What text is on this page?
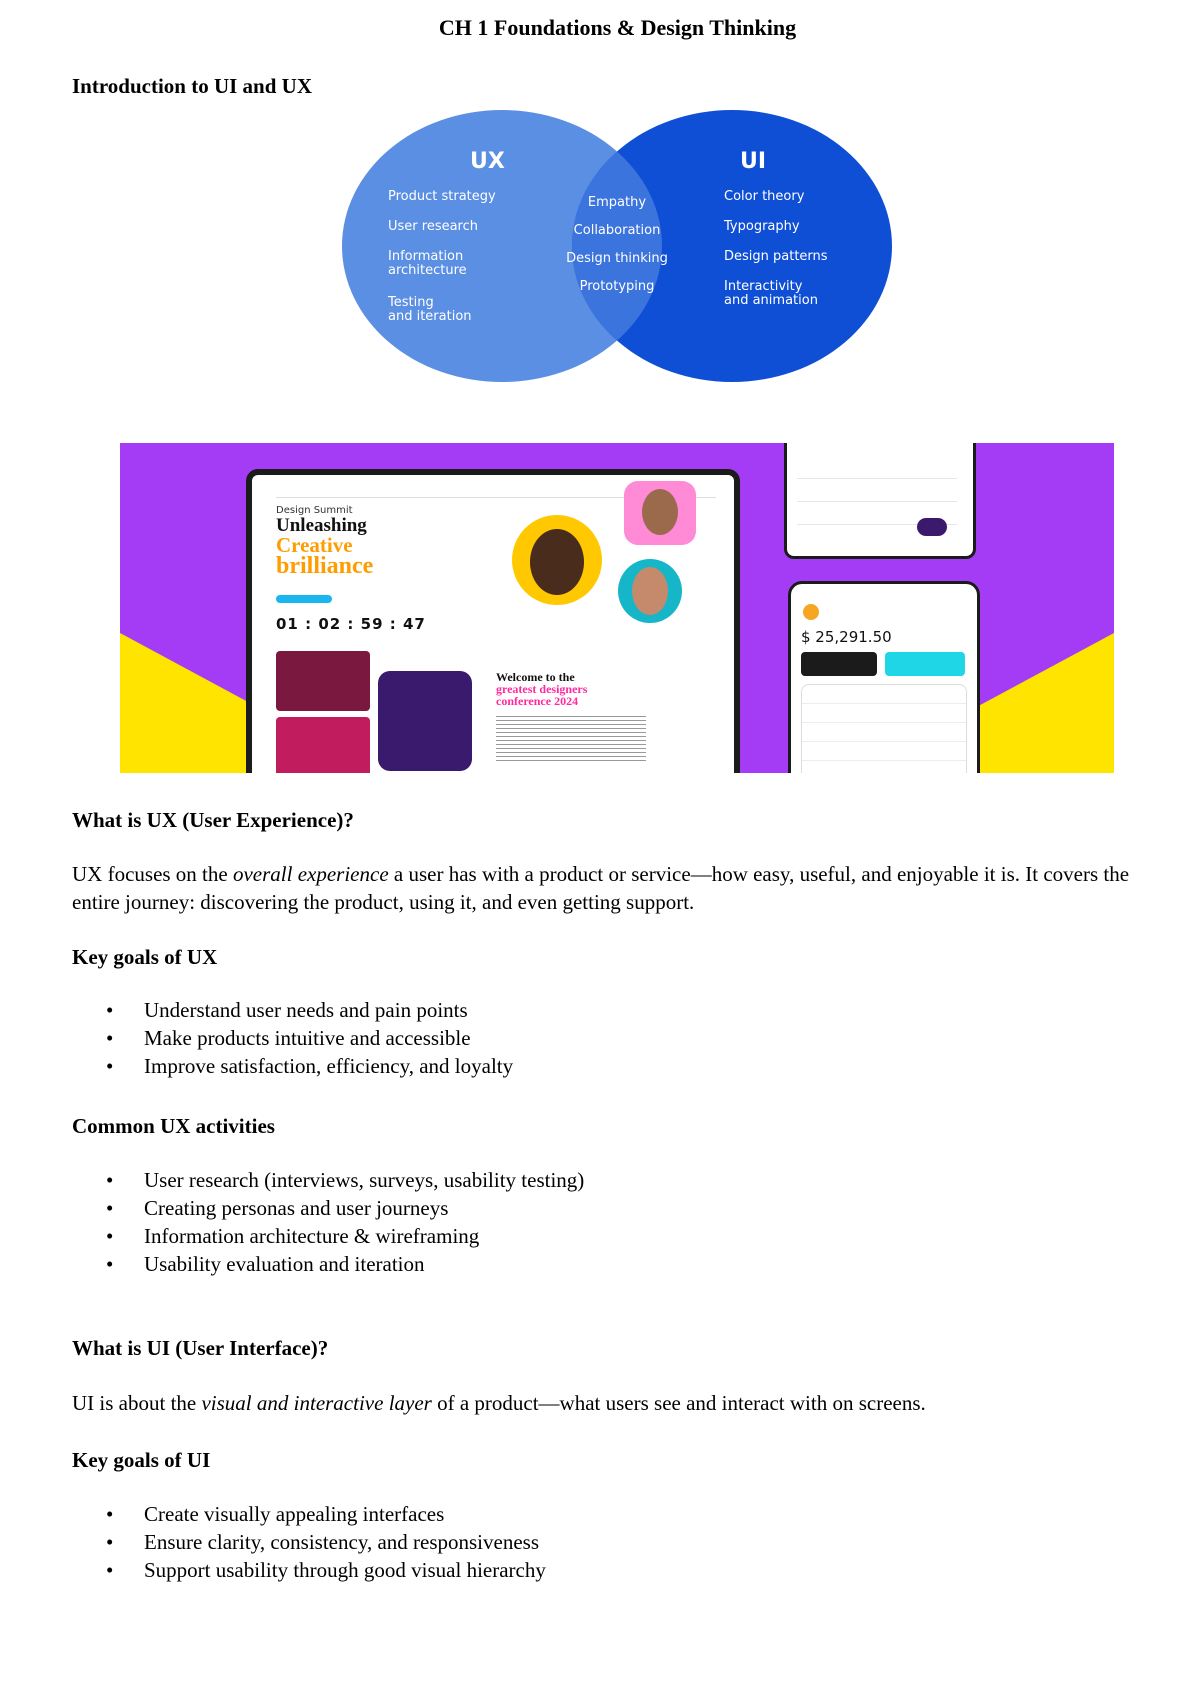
CH 1 Foundations & Design Thinking
Introduction to UI and UX
UX	UI
Product strategy
User research
Information
architecture
Testing
and iteration
Empathy
Collaboration
Design thinking
Prototyping
Color theory
Typography
Design patterns
Interactivity
and animation
Design Summit
Unleashing
Creative
brilliance
01 : 02 : 59 : 47
Welcome to the
greatest designers
conference 2024
$ 25,291.50
What is UX (User Experience)?
UX focuses on the overall experience a user has with a product or service—how easy, useful, and enjoyable it is. It covers the entire journey: discovering the product, using it, and even getting support.
Key goals of UX
• Understand user needs and pain points
• Make products intuitive and accessible
• Improve satisfaction, efficiency, and loyalty
Common UX activities
• User research (interviews, surveys, usability testing)
• Creating personas and user journeys
• Information architecture & wireframing
• Usability evaluation and iteration
What is UI (User Interface)?
UI is about the visual and interactive layer of a product—what users see and interact with on screens.
Key goals of UI
• Create visually appealing interfaces
• Ensure clarity, consistency, and responsiveness
• Support usability through good visual hierarchy
